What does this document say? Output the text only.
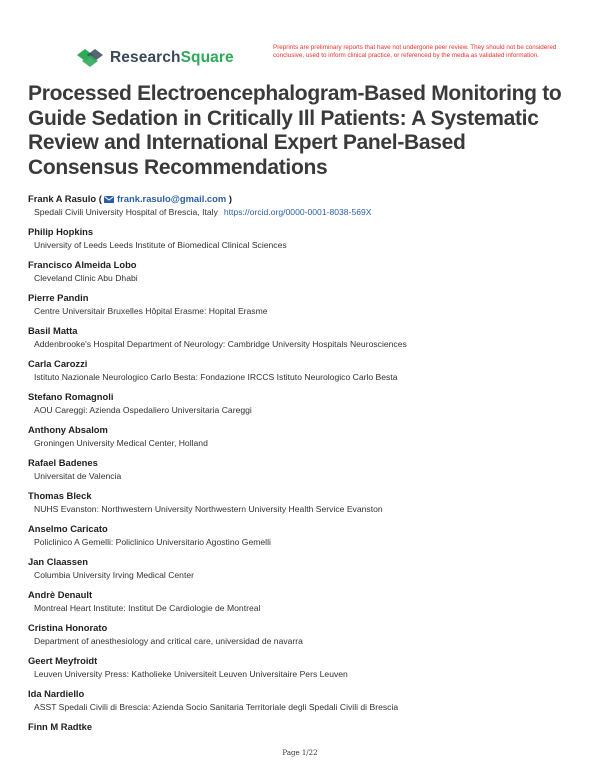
ResearchSquare

Preprints are preliminary reports that have not undergone peer review. They should not be considered conclusive, used to inform clinical practice, or referenced by the media as validated information.

Processed Electroencephalogram-Based Monitoring to Guide Sedation in Critically Ill Patients: A Systematic Review and International Expert Panel-Based Consensus Recommendations
Frank A Rasulo ( frank.rasulo@gmail.com )
Spedali Civili University Hospital of Brescia, Italy https://orcid.org/0000-0001-8038-569X
Philip Hopkins
University of Leeds Leeds Institute of Biomedical Clinical Sciences
Francisco Almeida Lobo
Cleveland Clinic Abu Dhabi
Pierre Pandin
Centre Universitair Bruxelles Hôpital Erasme: Hopital Erasme
Basil Matta
Addenbrooke's Hospital Department of Neurology: Cambridge University Hospitals Neurosciences
Carla Carozzi
Istituto Nazionale Neurologico Carlo Besta: Fondazione IRCCS Istituto Neurologico Carlo Besta
Stefano Romagnoli
AOU Careggi: Azienda Ospedaliero Universitaria Careggi
Anthony Absalom
Groningen University Medical Center, Holland
Rafael Badenes
Universitat de Valencia
Thomas Bleck
NUHS Evanston: Northwestern University Northwestern University Health Service Evanston
Anselmo Caricato
Policlinico A Gemelli: Policlinico Universitario Agostino Gemelli
Jan Claassen
Columbia University Irving Medical Center
Andrè Denault
Montreal Heart Institute: Institut De Cardiologie de Montreal
Cristina Honorato
Department of anesthesiology and critical care, universidad de navarra
Geert Meyfroidt
Leuven University Press: Katholieke Universiteit Leuven Universitaire Pers Leuven
Ida Nardiello
ASST Spedali Civili di Brescia: Azienda Socio Sanitaria Territoriale degli Spedali Civili di Brescia
Finn M Radtke
Page 1/22
